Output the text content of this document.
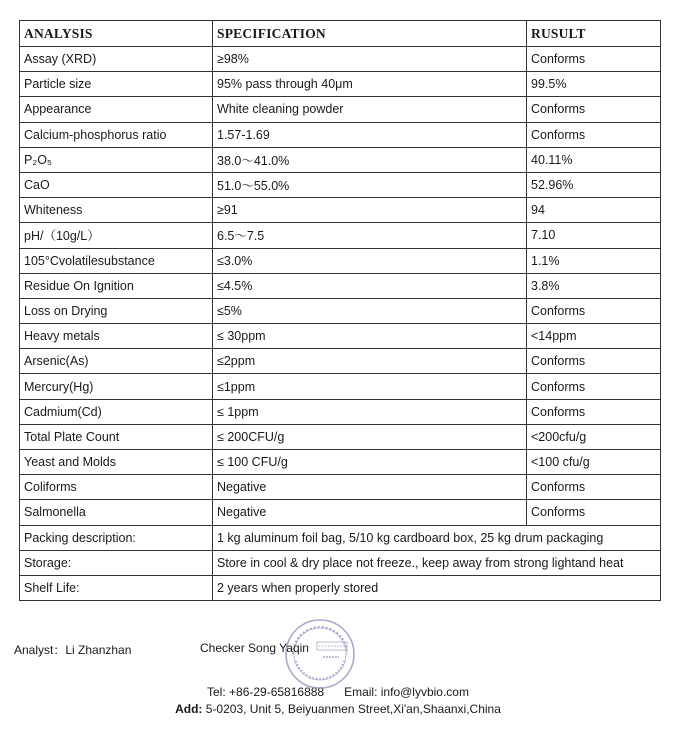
ANALYSIS	SPECIFICATION	RUSULT
Assay (XRD)	≥98%	Conforms
Particle size	95% pass through 40μm	99.5%
Appearance	White cleaning powder	Conforms
Calcium-phosphorus ratio	1.57-1.69	Conforms
P₂O₅	38.0～41.0%	40.11%
CaO	51.0～55.0%	52.96%
Whiteness	≥91	94
pH/（10g/L）	6.5～7.5	7.10
105°Cvolatilesubstance	≤3.0%	1.1%
Residue On Ignition	≤4.5%	3.8%
Loss on Drying	≤5%	Conforms
Heavy metals	≤ 30ppm	<14ppm
Arsenic(As)	≤2ppm	Conforms
Mercury(Hg)	≤1ppm	Conforms
Cadmium(Cd)	≤ 1ppm	Conforms
Total Plate Count	≤ 200CFU/g	<200cfu/g
Yeast and Molds	≤ 100 CFU/g	<100 cfu/g
Coliforms	Negative	Conforms
Salmonella	Negative	Conforms
Packing description:	1 kg aluminum foil bag, 5/10 kg cardboard box, 25 kg drum packaging	
Storage:	Store in cool & dry place not freeze., keep away from strong lightand heat	
Shelf Life:	2 years when properly stored	
Analyst：Li Zhanzhan	Checker Song Yaqin
Tel: +86-29-65816888 Email: info@lyvbio.com
Add: 5-0203, Unit 5, Beiyuanmen Street,Xi'an,Shaanxi,China
